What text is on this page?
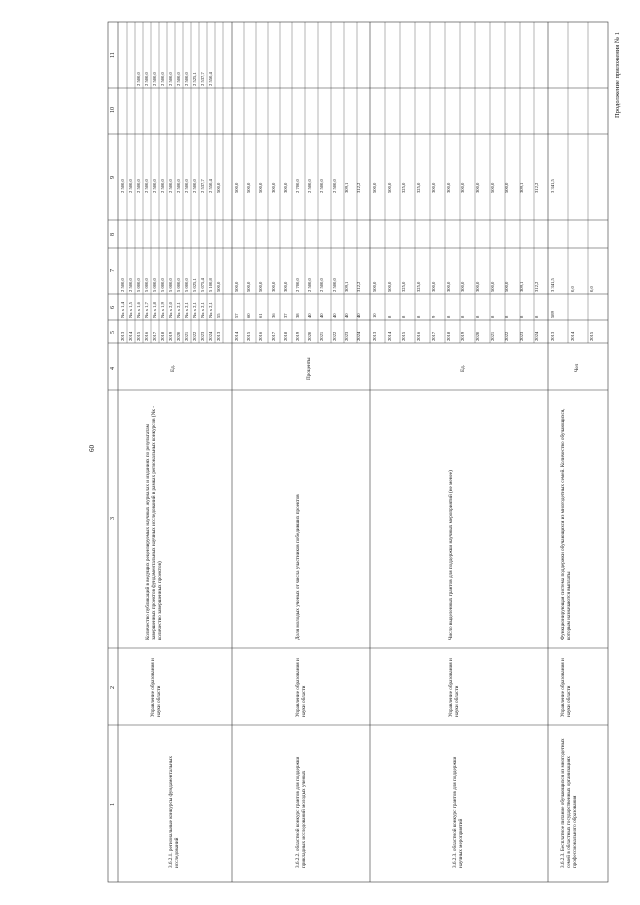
60
Продолжение приложения № 1
1
2
3
4
5
6
7
8
9
10
11
3.6.2.1. региональные конкурсы фундаментальных исследований
Управление образования и науки области
Количество публикаций в ведущих рецензируемых научных журналах и изданиях по результатам завершенных проектов фундаментальных научных исследований в рамках региональных конкурсов (Nк - количество завершенных проектов)
Ед.
3.6.2.2. областной конкурс грантов для поддержки прикладных исследований молодых ученых
Управление образования и науки области
Доля молодых ученых от числа участников победивших проектов
Проценты
3.6.2.3. областной конкурс грантов для поддержки научных мероприятий
Управление образования и науки области
Число выделенных грантов для поддержки научных мероприятий (не менее)
Ед.
3.6.2.3. Бесплатное питание обучающихся из многодетных семей в областных государственных организациях профессионального образования
Управление образования и науки области
Функционирующая система поддержки обучающихся из многодетных семей. Количество обучающихся, которым назначаются выплаты
Чел
2013
Nк х 1,4
2 500,0
2 500,0
2014
Nк х 1,5
2 500,0
2 500,0
2015
Nк х 1,6
5 000,0
2 500,0
2 500,0
2016
Nк х 1,7
5 000,0
2 500,0
2 500,0
2017
Nк х 1,8
5 000,0
2 500,0
2 500,0
2018
Nк х 1,9
5 000,0
2 500,0
2 500,0
2019
Nк х 2,0
5 000,0
2 500,0
2 500,0
2020
Nк х 2,1
5 000,0
2 500,0
2 500,0
2021
Nк х 2,1
5 000,0
2 500,0
2 500,0
2022
Nк х 2,1
5 025,1
2 500,0
2 525,1
2023
Nк х 2,1
5 075,4
2 537,7
2 537,7
2024
Nк х 2,1
5 100,8
2 550,4
2 550,4
2013
55
500,0
500,0
2014
57
500,0
500,0
2015
60
500,0
500,0
2016
61
500,0
500,0
2017
36
300,0
300,0
2018
37
300,0
300,0
2019
38
2 700,0
2 700,0
2020
40
2 500,0
2 500,0
2021
40
2 500,0
2 500,0
2022
40
2 500,0
2 500,0
2023
40
309,1
309,1
2024
40
312,2
312,2
2013
10
500,0
500,0
2014
8
500,0
500,0
2015
8
325,0
325,0
2016
8
325,0
325,0
2017
9
300,0
300,0
2018
8
300,0
300,0
2019
8
300,0
300,0
2020
8
300,0
300,0
2021
8
500,0
500,0
2022
8
500,0
500,0
2023
8
309,1
309,1
2024
8
312,2
312,2
2013
589
3 341,5
3 341,5
2014
0,0
2015
0,0
